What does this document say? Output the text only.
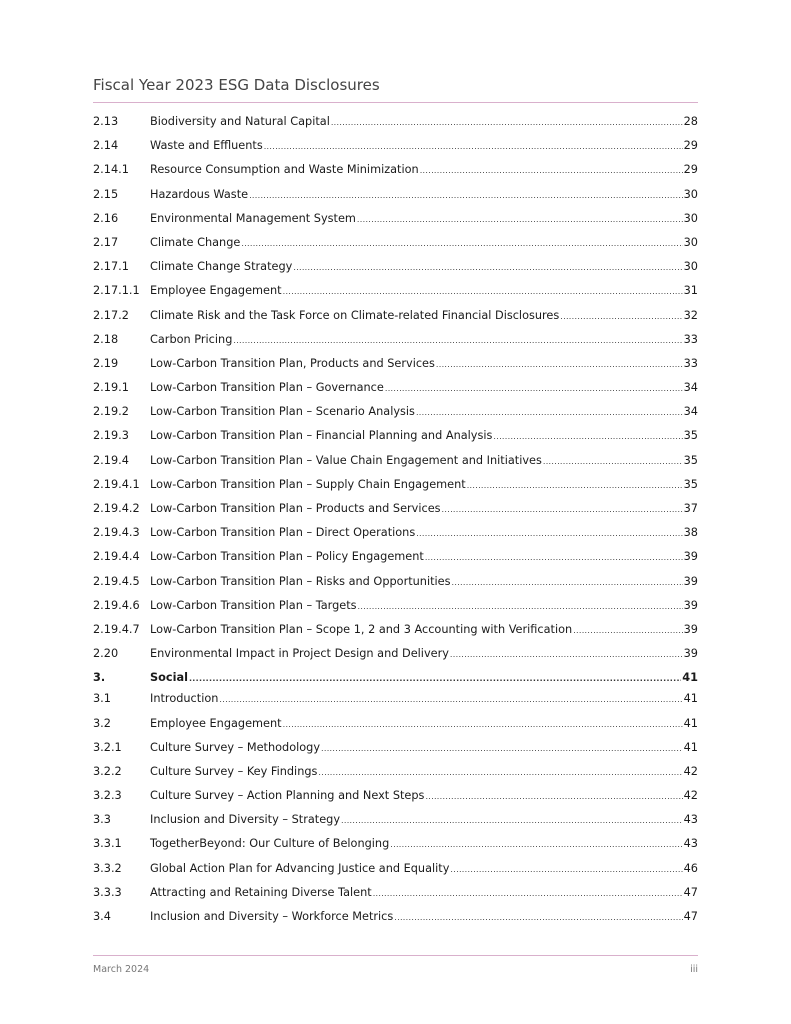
Fiscal Year 2023 ESG Data Disclosures
2.13	Biodiversity and Natural Capital .....	28
2.14	Waste and Effluents .....	29
2.14.1	Resource Consumption and Waste Minimization .....	29
2.15	Hazardous Waste .....	30
2.16	Environmental Management System .....	30
2.17	Climate Change .....	30
2.17.1	Climate Change Strategy .....	30
2.17.1.1 Employee Engagement .....	31
2.17.2	Climate Risk and the Task Force on Climate-related Financial Disclosures .....	32
2.18	Carbon Pricing .....	33
2.19	Low-Carbon Transition Plan, Products and Services .....	33
2.19.1	Low-Carbon Transition Plan – Governance .....	34
2.19.2	Low-Carbon Transition Plan – Scenario Analysis .....	34
2.19.3	Low-Carbon Transition Plan – Financial Planning and Analysis .....	35
2.19.4	Low-Carbon Transition Plan – Value Chain Engagement and Initiatives .....	35
2.19.4.1 Low-Carbon Transition Plan – Supply Chain Engagement .....	35
2.19.4.2 Low-Carbon Transition Plan – Products and Services .....	37
2.19.4.3 Low-Carbon Transition Plan – Direct Operations .....	38
2.19.4.4 Low-Carbon Transition Plan – Policy Engagement .....	39
2.19.4.5 Low-Carbon Transition Plan – Risks and Opportunities .....	39
2.19.4.6 Low-Carbon Transition Plan – Targets .....	39
2.19.4.7 Low-Carbon Transition Plan – Scope 1, 2 and 3 Accounting with Verification .....	39
2.20	Environmental Impact in Project Design and Delivery .....	39
3.	Social .....	41
3.1	Introduction .....	41
3.2	Employee Engagement .....	41
3.2.1	Culture Survey – Methodology .....	41
3.2.2	Culture Survey – Key Findings .....	42
3.2.3	Culture Survey – Action Planning and Next Steps .....	42
3.3	Inclusion and Diversity – Strategy .....	43
3.3.1	TogetherBeyond: Our Culture of Belonging .....	43
3.3.2	Global Action Plan for Advancing Justice and Equality .....	46
3.3.3	Attracting and Retaining Diverse Talent .....	47
3.4	Inclusion and Diversity – Workforce Metrics .....	47
March 2024	iii
